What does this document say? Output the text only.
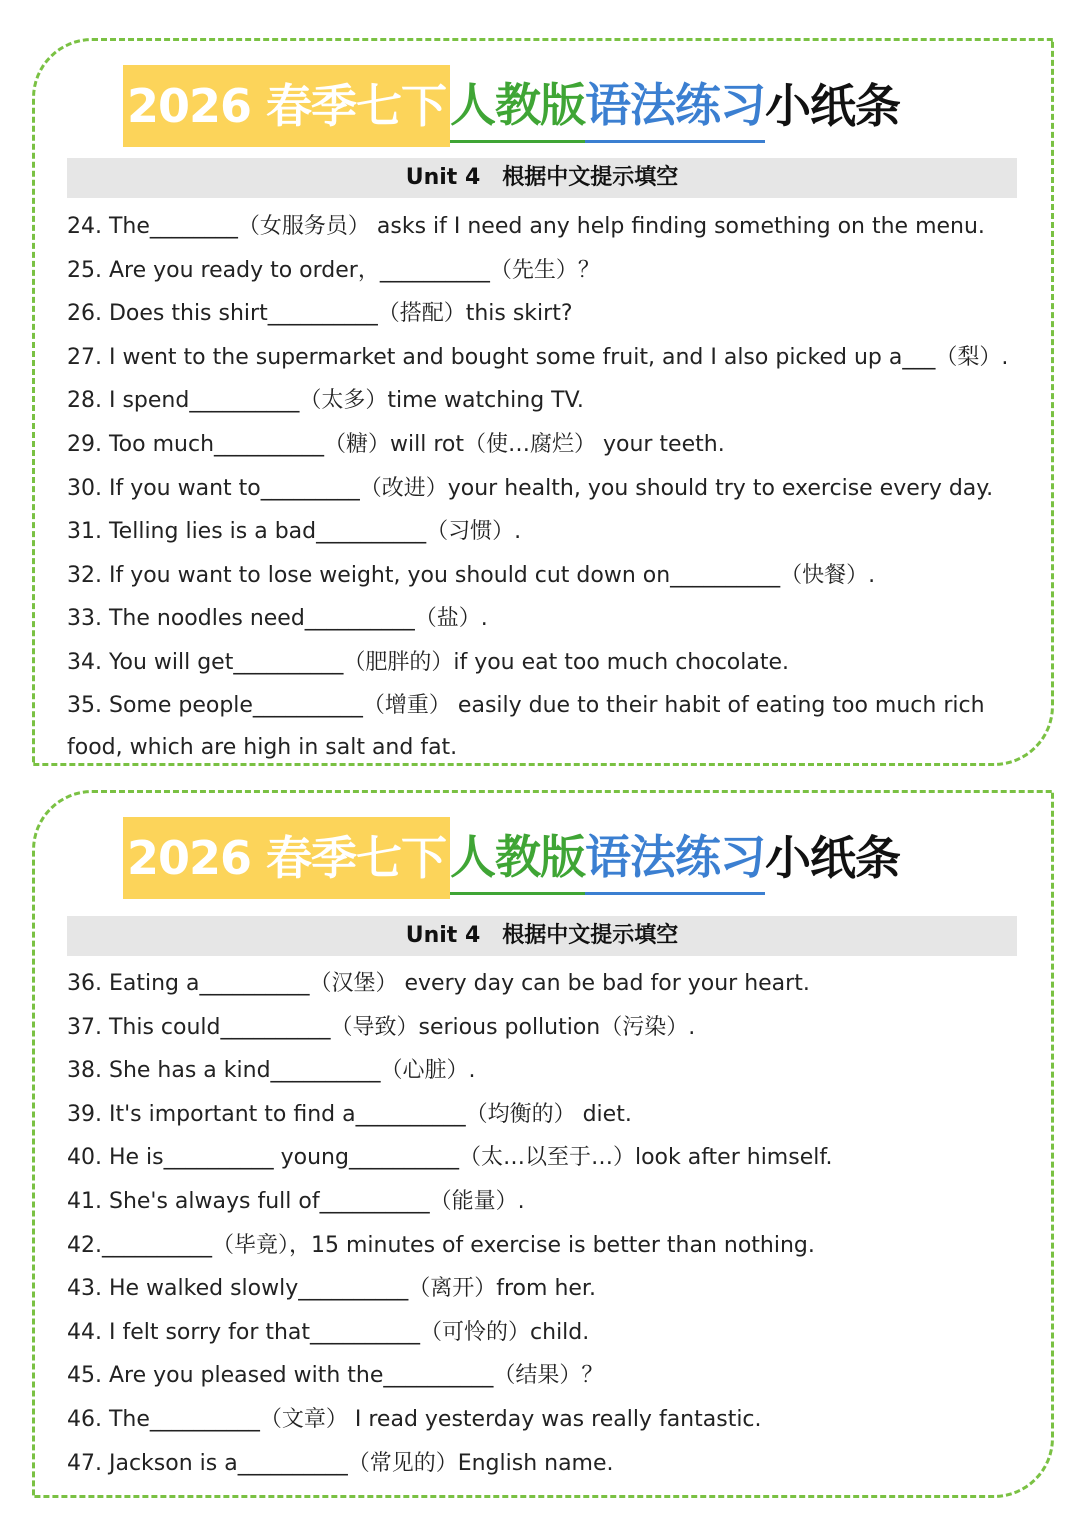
2026 春季七下 人教版 语法练习 小纸条
Unit 4　根据中文提示填空
24. The________（女服务员） asks if I need any help finding something on the menu.
25. Are you ready to order，__________（先生）？
26. Does this shirt__________（搭配）this skirt?
27. I went to the supermarket and bought some fruit, and I also picked up a___（梨）.
28. I spend__________（太多）time watching TV.
29. Too much__________（糖）will rot（使…腐烂） your teeth.
30. If you want to_________（改进）your health, you should try to exercise every day.
31. Telling lies is a bad__________（习惯）.
32. If you want to lose weight, you should cut down on__________（快餐）.
33. The noodles need__________（盐）.
34. You will get__________（肥胖的）if you eat too much chocolate.
35. Some people__________（增重） easily due to their habit of eating too much rich food, which are high in salt and fat.
2026 春季七下 人教版 语法练习 小纸条
Unit 4　根据中文提示填空
36. Eating a__________（汉堡） every day can be bad for your heart.
37. This could__________（导致）serious pollution（污染）.
38. She has a kind__________（心脏）.
39. It's important to find a__________（均衡的） diet.
40. He is__________ young__________（太…以至于…）look after himself.
41. She's always full of__________（能量）.
42.__________（毕竟），15 minutes of exercise is better than nothing.
43. He walked slowly__________（离开）from her.
44. I felt sorry for that__________（可怜的）child.
45. Are you pleased with the__________（结果）？
46. The__________（文章） I read yesterday was really fantastic.
47. Jackson is a__________（常见的）English name.
